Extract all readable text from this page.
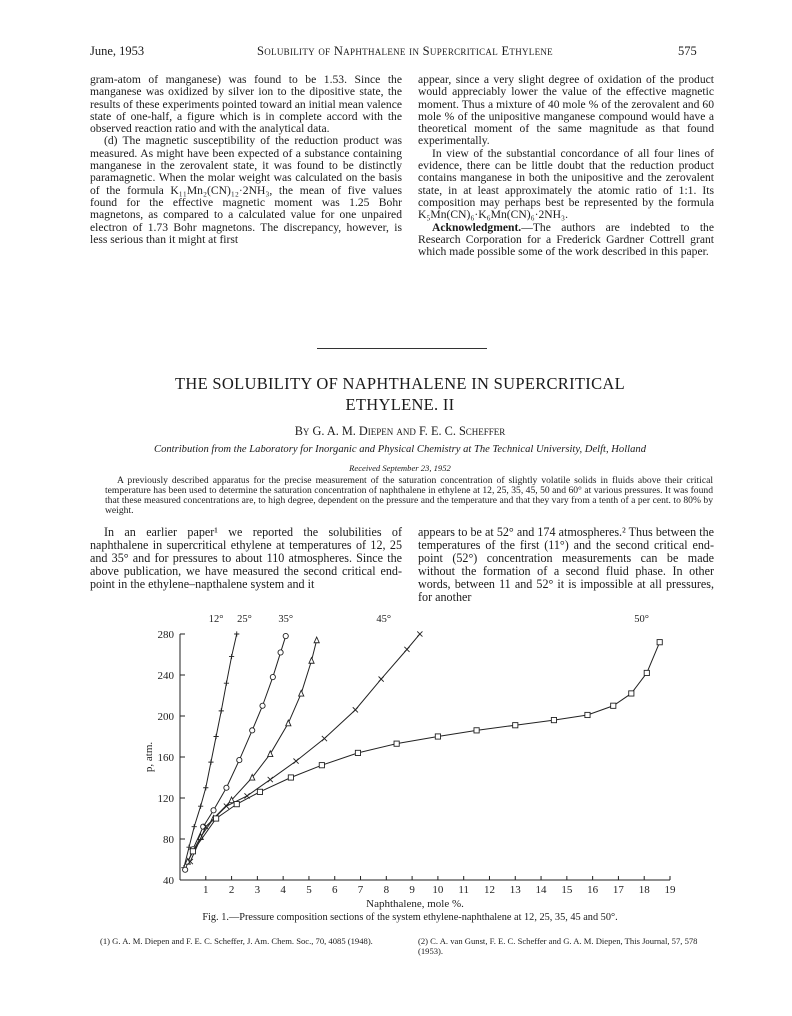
June, 1953	Solubility of Naphthalene in Supercritical Ethylene	575

gram-atom of manganese) was found to be 1.53. Since the manganese was oxidized by silver ion to the dipositive state, the results of these experiments pointed toward an initial mean valence state of one-half, a figure which is in complete accord with the observed reaction ratio and with the analytical data.

(d) The magnetic susceptibility of the reduction product was measured. As might have been expected of a substance containing manganese in the zerovalent state, it was found to be distinctly paramagnetic. When the molar weight was calculated on the basis of the formula K₁₁Mn₂(CN)₁₂·2NH₃, the mean of five values found for the effective magnetic moment was 1.25 Bohr magnetons, as compared to a calculated value for one unpaired electron of 1.73 Bohr magnetons. The discrepancy, however, is less serious than it might at first

appear, since a very slight degree of oxidation of the product would appreciably lower the value of the effective magnetic moment. Thus a mixture of 40 mole % of the zerovalent and 60 mole % of the unipositive manganese compound would have a theoretical moment of the same magnitude as that found experimentally.

In view of the substantial concordance of all four lines of evidence, there can be little doubt that the reduction product contains manganese in both the unipositive and the zerovalent state, in at least approximately the atomic ratio of 1:1. Its composition may perhaps best be represented by the formula K₅Mn(CN)₆·K₆Mn(CN)₆·2NH₃.

Acknowledgment.—The authors are indebted to the Research Corporation for a Frederick Gardner Cottrell grant which made possible some of the work described in this paper.

THE SOLUBILITY OF NAPHTHALENE IN SUPERCRITICAL
ETHYLENE. II
By G. A. M. Diepen and F. E. C. Scheffer
Contribution from the Laboratory for Inorganic and Physical Chemistry at The Technical University, Delft, Holland
Received September 23, 1952

A previously described apparatus for the precise measurement of the saturation concentration of slightly volatile solids in fluids above their critical temperature has been used to determine the saturation concentration of naphthalene in ethylene at 12, 25, 35, 45, 50 and 60° at various pressures. It was found that these measured concentrations are, to high degree, dependent on the pressure and the temperature and that they vary from a tenth of a per cent. to 80% by weight.

In an earlier paper¹ we reported the solubilities of naphthalene in supercritical ethylene at temperatures of 12, 25 and 35° and for pressures to about 110 atmospheres. Since the above publication, we have measured the second critical end-point in the ethylene–napthalene system and it

appears to be at 52° and 174 atmospheres.² Thus between the temperatures of the first (11°) and the second critical end-point (52°) concentration measurements can be made without the formation of a second fluid phase. In other words, between 11 and 52° it is impossible at all pressures, for another

40
80
120
160
200
240
280
1 2 3 4 5 6 7 8 9 10 11 12 13 14 15 16 17 18 19
Naphthalene, mole %.
p, atm.
12° 25°	35°	45°	50°
Fig. 1.—Pressure composition sections of the system ethylene-naphthalene at 12, 25, 35, 45 and 50°.
(1) G. A. M. Diepen and F. E. C. Scheffer, J. Am. Chem. Soc., 70, 4085 (1948).	(2) C. A. van Gunst, F. E. C. Scheffer and G. A. M. Diepen, This Journal, 57, 578 (1953).
